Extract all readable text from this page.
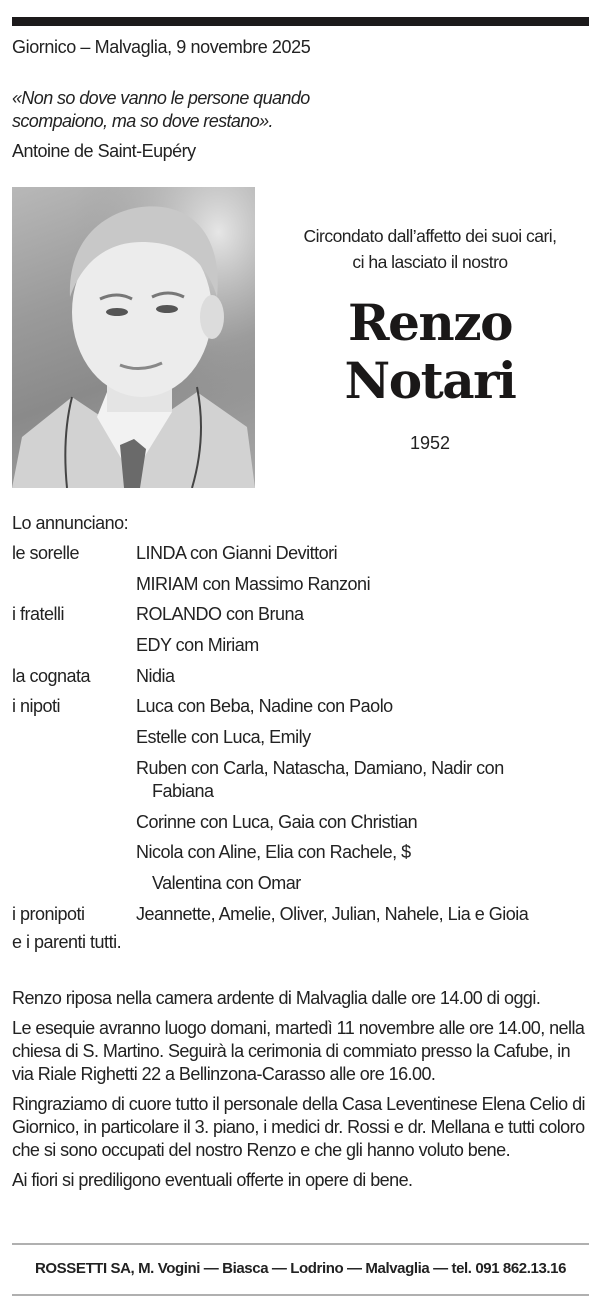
Giornico – Malvaglia, 9 novembre 2025
«Non so dove vanno le persone quando
scompaiono, ma so dove restano».
Antoine de Saint-Eupéry
Circondato dall’affetto dei suoi cari,
ci ha lasciato il nostro
Renzo
Notari
1952
Lo annunciano:
le sorelle	LINDA con Gianni Devittori
MIRIAM con Massimo Ranzoni
i fratelli	ROLANDO con Bruna
EDY con Miriam
la cognata	Nidia
i nipoti	Luca con Beba, Nadine con Paolo
Estelle con Luca, Emily
Ruben con Carla, Natascha, Damiano, Nadir con
Fabiana
Corinne con Luca, Gaia con Christian
Nicola con Aline, Elia con Rachele, $
Valentina con Omar
i pronipoti	Jeannette, Amelie, Oliver, Julian, Nahele, Lia e Gioia
e i parenti tutti.

Renzo riposa nella camera ardente di Malvaglia dalle ore 14.00 di oggi.

Le esequie avranno luogo domani, martedì 11 novembre alle ore 14.00, nella chiesa di S. Martino. Seguirà la cerimonia di commiato presso la Cafube, in via Riale Righetti 22 a Bellinzona-Carasso alle ore 16.00.

Ringraziamo di cuore tutto il personale della Casa Leventinese Elena Celio di Giornico, in particolare il 3. piano, i medici dr. Rossi e dr. Mellana e tutti coloro che si sono occupati del nostro Renzo e che gli hanno voluto bene.

Ai fiori si prediligono eventuali offerte in opere di bene.

ROSSETTI SA, M. Vogini — Biasca — Lodrino — Malvaglia — tel. 091 862.13.16
